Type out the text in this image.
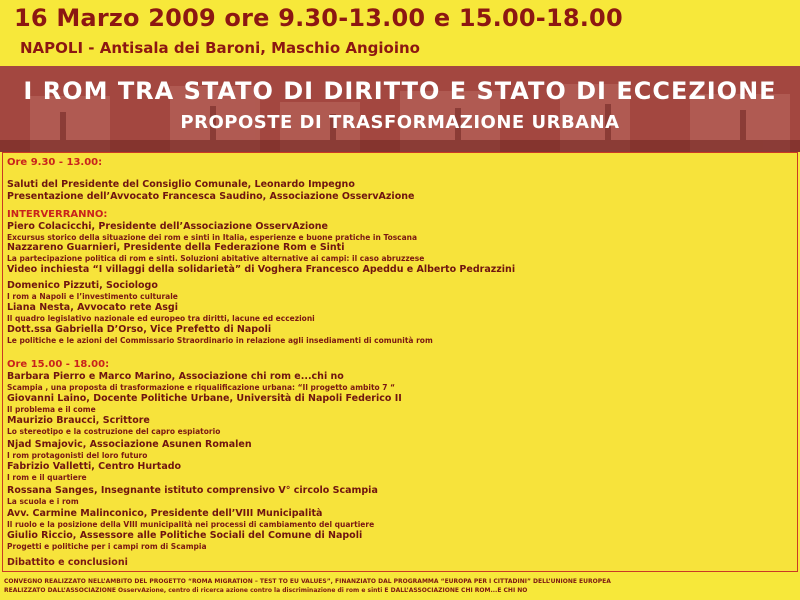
16 Marzo 2009 ore 9.30-13.00 e 15.00-18.00
NAPOLI - Antisala dei Baroni, Maschio Angioino
I ROM TRA STATO DI DIRITTO E STATO DI ECCEZIONE
PROPOSTE DI TRASFORMAZIONE URBANA
Ore 9.30 - 13.00:
Saluti del Presidente del Consiglio Comunale, Leonardo Impegno
Presentazione dell’Avvocato Francesca Saudino, Associazione OsservAzione
INTERVERRANNO:
Piero Colacicchi, Presidente dell’Associazione OsservAzione
Excursus storico della situazione dei rom e sinti in Italia, esperienze e buone pratiche in Toscana
Nazzareno Guarnieri, Presidente della Federazione Rom e Sinti
La partecipazione politica di rom e sinti. Soluzioni abitative alternative ai campi: il caso abruzzese
Video inchiesta “I villaggi della solidarietà” di Voghera Francesco Apeddu e Alberto Pedrazzini
Domenico Pizzuti, Sociologo
I rom a Napoli e l’investimento culturale
Liana Nesta, Avvocato rete Asgi
Il quadro legislativo nazionale ed europeo tra diritti, lacune ed eccezioni
Dott.ssa Gabriella D’Orso, Vice Prefetto di Napoli
Le politiche e le azioni del Commissario Straordinario in relazione agli insediamenti di comunità rom
Ore 15.00 - 18.00:
Barbara Pierro e Marco Marino, Associazione chi rom e...chi no
Scampia , una proposta di trasformazione e riqualificazione urbana: “Il progetto ambito 7 “
Giovanni Laino, Docente Politiche Urbane, Università di Napoli Federico II
Il problema e il come
Maurizio Braucci, Scrittore
Lo stereotipo e la costruzione del capro espiatorio
Njad Smajovic, Associazione Asunen Romalen
I rom protagonisti del loro futuro
Fabrizio Valletti, Centro Hurtado
I rom e il quartiere
Rossana Sanges, Insegnante istituto comprensivo V° circolo Scampia
La scuola e i rom
Avv. Carmine Malinconico, Presidente dell’VIII Municipalità
Il ruolo e la posizione della VIII municipalità nei processi di cambiamento del quartiere
Giulio Riccio, Assessore alle Politiche Sociali del Comune di Napoli
Progetti e politiche per i campi rom di Scampia
Dibattito e conclusioni
CONVEGNO REALIZZATO NELL’AMBITO DEL PROGETTO “ROMA MIGRATION – TEST TO EU VALUES”, FINANZIATO DAL PROGRAMMA “EUROPA PER I CITTADINI” DELL’UNIONE EUROPEA
REALIZZATO DALL’ASSOCIAZIONE OsservAzione, centro di ricerca azione contro la discriminazione di rom e sinti E DALL’ASSOCIAZIONE CHI ROM...E CHI NO
